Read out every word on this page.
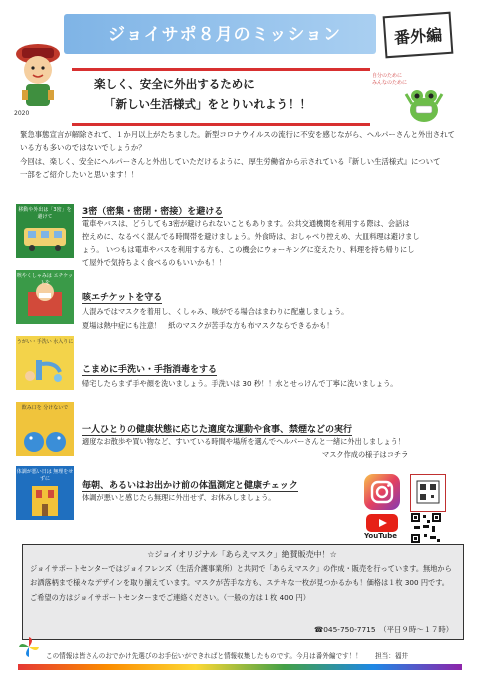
ジョイサポ８月のミッション	番外編
2020
楽しく、安全に外出するために
「新しい生活様式」をとりいれよう！！
自分のために
みんなのために
緊急事態宣言が解除されて、１か月以上がたちました。新型コロナウイルスの流行に不安を感じながら、ヘルパーさんと外出されて
いる方も多いのではないでしょうか？
今回は、楽しく、安全にヘルパーさんと外出していただけるように、厚生労働省から示されている『新しい生活様式』について
一部をご紹介したいと思います！！
移動や外出は「3密」を避けて	3密（密集・密閉・密接）を避ける
電車やバスは、どうしても3密が避けられないこともあります。公共交通機関を利用する際は、会話は
控えめに、なるべく混んでる時間帯を避けましょう。外食時は、おしゃべり控えめ、大皿料理は避けまし
ょう。 いつもは電車やバスを利用する方も、この機会にウォーキングに変えたり、料理を持ち帰りにし
て屋外で気持ちよく食べるのもいいかも！！
咳やくしゃみは エチケットを
咳エチケットを守る
人混みではマスクを着用し、くしゃみ、咳がでる場合はまわりに配慮しましょう。
夏場は熱中症にも注意！　紙のマスクが苦手な方も布マスクならできるかも！
うがい・手洗い 水入りに
こまめに手洗い・手指消毒をする
帰宅したらまず手や顔を洗いましょう。手洗いは 30 秒！！水とせっけんで丁寧に洗いましょう。
飲み口を 分けないで
一人ひとりの健康状態に応じた適度な運動や食事、禁煙などの実行
適度なお散歩や買い物など、すいている時間や場所を選んでヘルパーさんと一緒に外出しましょう！
マスク作成の様子はコチラ
体調が悪い日は 無理をせずに
毎朝、あるいはお出かけ前の体温測定と健康チェック
体調が悪いと感じたら無理に外出せず、お休みしましょう。
YouTube
☆ジョイオリジナル「あらえマスク」絶賛販売中！☆
ジョイサポートセンターではジョイフレンズ（生活介護事業所）と共同で「あらえマスク」の作成・販売を行っています。無地から
お洒落柄まで様々なデザインを取り揃えています。マスクが苦手な方も、ステキな一枚が見つかるかも！価格は１枚 300 円です。
ご希望の方はジョイサポートセンターまでご連絡ください。（一般の方は１枚 400 円）
☎045-750-7715　（平日９時～１７時）
この情報は皆さんのおでかけ先選びのお手伝いができればと情報収集したものです。今月は番外編です！！　　担当：福井
